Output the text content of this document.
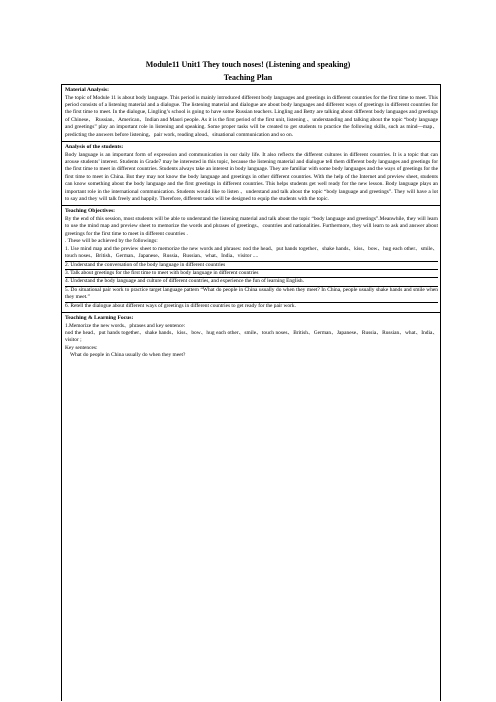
Module11 Unit1 They touch noses! (Listening and speaking)
Teaching Plan
Material Analysis:
The topic of Module 11 is about body language. This period is mainly introduced different body languages and greetings in different countries for the first time to meet. This period consists of a listening material and a dialogue. The listening material and dialogue are about body languages and different ways of greetings in different countries for the first time to meet. In the dialogue, Lingling’s school is going to have some Russian teachers. Lingling and Betty are talking about different body languages and greetings of Chinese、 Russian、American、Indian and Maori people. As it is the first period of the first unit, listening 、understanding and talking about the topic “body language and greetings” play an important role in listening and speaking. Some proper tasks will be created to get students to practice the following skills, such as mind—map、predicting the answers before listening、pair work, reading aloud、situational communication and so on.
Analysis of the students:
Body language is an important form of expression and communication in our daily life. It also reflects the different cultures in different countries. It is a topic that can arouse students’ interest. Students in Grade7 may be interested in this topic, because the listening material and dialogue tell them different body languages and greetings for the first time to meet in different countries. Students always take an interest in body language. They are familiar with some body languages and the ways of greetings for the first time to meet in China. But they may not know the body language and greetings in other different countries. With the help of the Internet and preview sheet, students can know something about the body language and the first greetings in different countries. This helps students get well ready for the new lesson. Body language plays an important role in the international communication. Students would like to listen 、understand and talk about the topic “body language and greetings”. They will have a lot to say and they will talk freely and happily. Therefore, different tasks will be designed to equip the students with the topic.
Teaching Objectives:
By the end of this session, most students will be able to understand the listening material and talk about the topic “body language and greetings”.Meanwhile, they will learn to use the mind map and preview sheet to memorize the words and phrases of greetings、countries and nationalities. Furthermore, they will learn to ask and answer about greetings for the first time to meet in different countries .
. These will be achieved by the followings:
1. Use mind map and the preview sheet to memorize the new words and phrases: nod the head、put hands together、shake hands、kiss、bow、hug each other、smile、touch noses、British、German、Japanese、Russia、Russian、what、India、visitor ....
2. Understand the conversation of the body language in different countries
3. Talk about greetings for the first time to meet with body language in different countries
4. Understand the body language and culture of different countries, and experience the fun of learning English.
5. Do situational pair work to practice target language pattern “What do people in China usually do when they meet? In China, people usually shake hands and smile when they meet.”
6. Retell the dialogue about different ways of greetings in different countries to get ready for the pair work.
Teaching & Learning Focus:
1.Memorize the new words、phrases and key sentence:
nod the head、put hands together、shake hands、kiss、bow、hug each other、smile、touch noses、British、German、Japanese、Russia、Russian、what、India、visitor ;
Key sentences:
What do people in China usually do when they meet?
